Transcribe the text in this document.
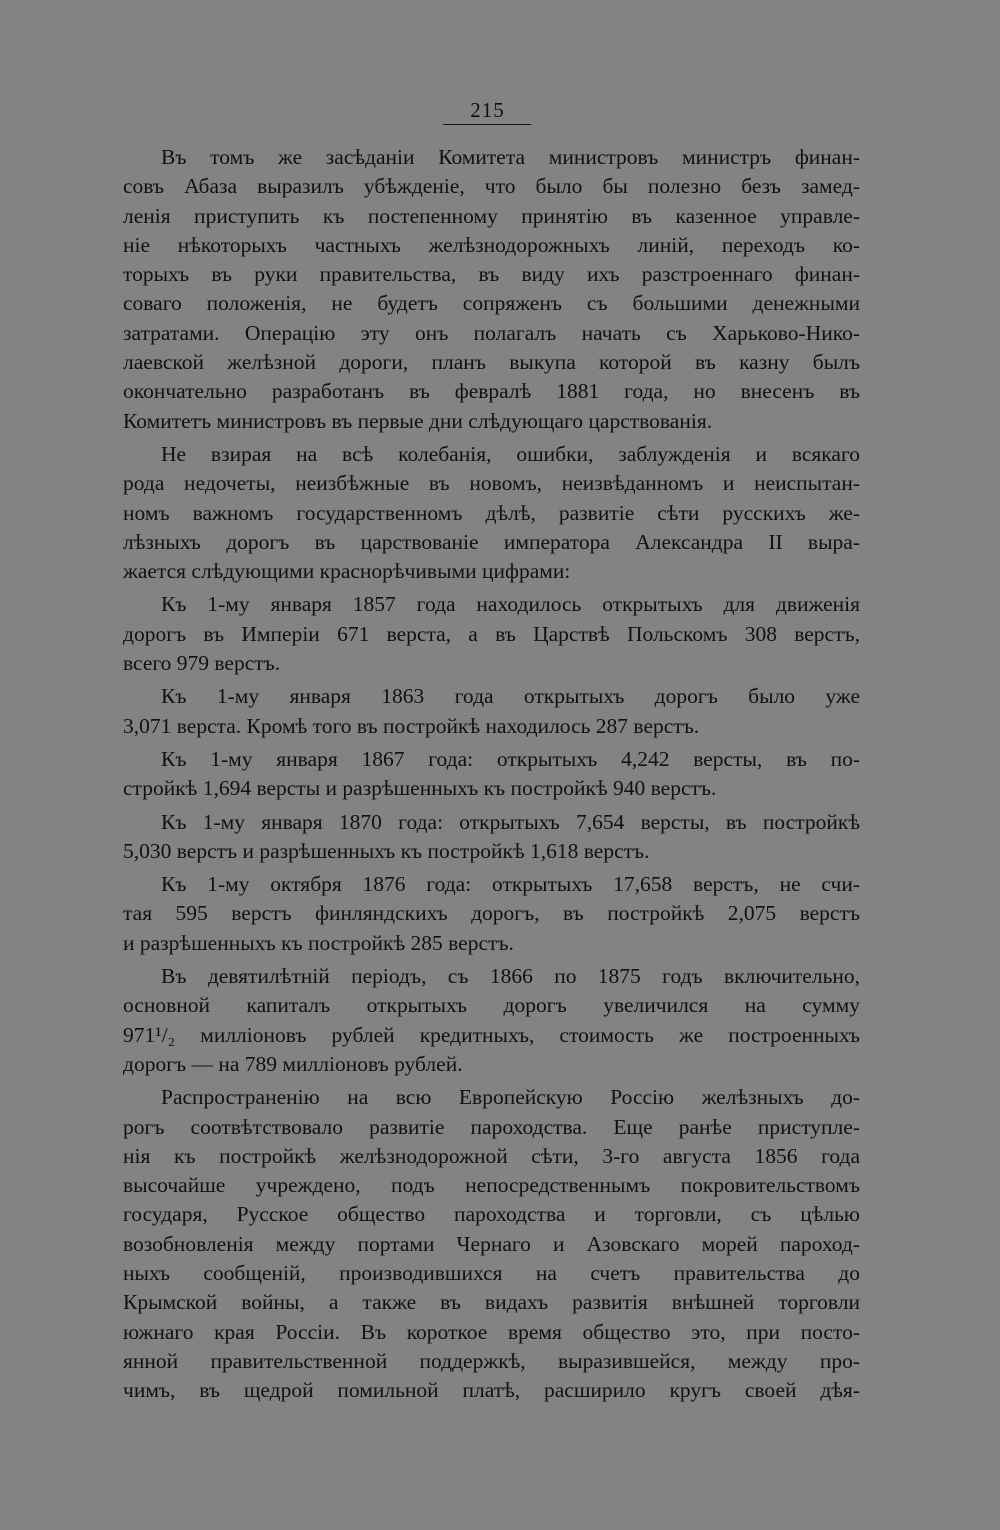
215
Въ томъ же засѣданіи Комитета министровъ министръ финан-
совъ Абаза выразилъ убѣжденіе, что было бы полезно безъ замед-
ленія приступить къ постепенному принятію въ казенное управле-
ніе нѣкоторыхъ частныхъ желѣзнодорожныхъ линій, переходъ ко-
торыхъ въ руки правительства, въ виду ихъ разстроеннаго финан-
соваго положенія, не будетъ сопряженъ съ большими денежными
затратами. Операцію эту онъ полагалъ начать съ Харьково-Нико-
лаевской желѣзной дороги, планъ выкупа которой въ казну былъ
окончательно разработанъ въ февралѣ 1881 года, но внесенъ въ
Комитетъ министровъ въ первые дни слѣдующаго царствованія.
Не взирая на всѣ колебанія, ошибки, заблужденія и всякаго
рода недочеты, неизбѣжные въ новомъ, неизвѣданномъ и неиспытан-
номъ важномъ государственномъ дѣлѣ, развитіе сѣти русскихъ же-
лѣзныхъ дорогъ въ царствованіе императора Александра II выра-
жается слѣдующими краснорѣчивыми цифрами:
Къ 1-му января 1857 года находилось открытыхъ для движенія
дорогъ въ Имперіи 671 верста, а въ Царствѣ Польскомъ 308 верстъ,
всего 979 верстъ.
Къ 1-му января 1863 года открытыхъ дорогъ было уже
3,071 верста. Кромѣ того въ постройкѣ находилось 287 верстъ.
Къ 1-му января 1867 года: открытыхъ 4,242 версты, въ по-
стройкѣ 1,694 версты и разрѣшенныхъ къ постройкѣ 940 верстъ.
Къ 1-му января 1870 года: открытыхъ 7,654 версты, въ постройкѣ
5,030 верстъ и разрѣшенныхъ къ постройкѣ 1,618 верстъ.
Къ 1-му октября 1876 года: открытыхъ 17,658 верстъ, не счи-
тая 595 верстъ финляндскихъ дорогъ, въ постройкѣ 2,075 верстъ
и разрѣшенныхъ къ постройкѣ 285 верстъ.
Въ девятилѣтній періодъ, съ 1866 по 1875 годъ включительно,
основной капиталъ открытыхъ дорогъ увеличился на сумму
971¹/₂ милліоновъ рублей кредитныхъ, стоимость же построенныхъ
дорогъ — на 789 милліоновъ рублей.
Распространенію на всю Европейскую Россію желѣзныхъ до-
рогъ соотвѣтствовало развитіе пароходства. Еще ранѣе приступле-
нія къ постройкѣ желѣзнодорожной сѣти, 3-го августа 1856 года
высочайше учреждено, подъ непосредственнымъ покровительствомъ
государя, Русское общество пароходства и торговли, съ цѣлью
возобновленія между портами Чернаго и Азовскаго морей пароход-
ныхъ сообщеній, производившихся на счетъ правительства до
Крымской войны, а также въ видахъ развитія внѣшней торговли
южнаго края Россіи. Въ короткое время общество это, при посто-
янной правительственной поддержкѣ, выразившейся, между про-
чимъ, въ щедрой помильной платѣ, расширило кругъ своей дѣя-
